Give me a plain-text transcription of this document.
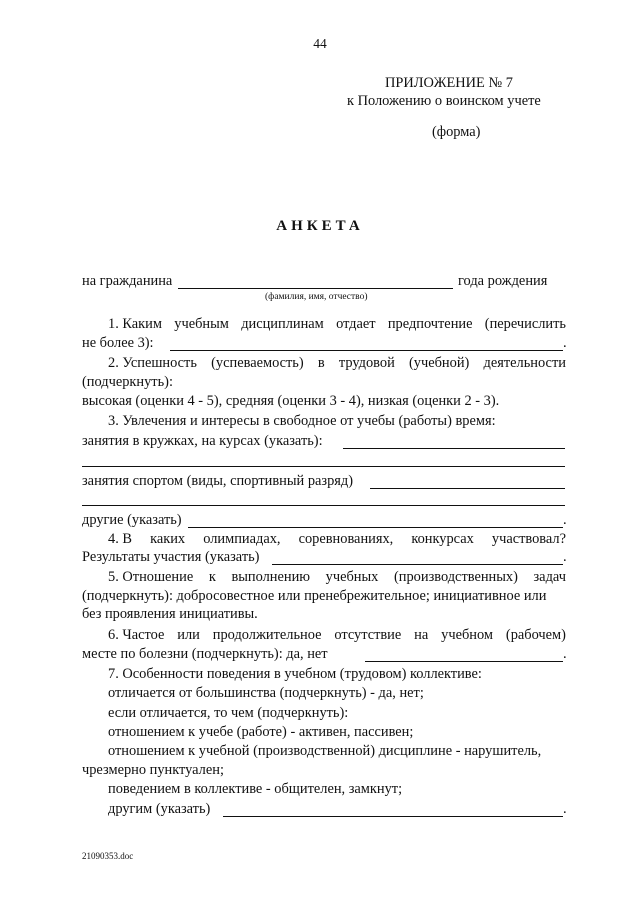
44
ПРИЛОЖЕНИЕ № 7
к Положению о воинском учете
(форма)
АНКЕТА
на гражданина	года рождения
(фамилия, имя, отчество)
1. Каким учебным дисциплинам отдает предпочтение (перечислить
не более 3):	.
2. Успешность (успеваемость) в трудовой (учебной) деятельности
(подчеркнуть):
высокая (оценки 4 - 5), средняя (оценки 3 - 4), низкая (оценки 2 - 3).
3. Увлечения и интересы в свободное от учебы (работы) время:
занятия в кружках, на курсах (указать):
занятия спортом (виды, спортивный разряд)
другие (указать)	.
4. В каких олимпиадах, соревнованиях, конкурсах участвовал?
Результаты участия (указать)	.
5. Отношение к выполнению учебных (производственных) задач
(подчеркнуть): добросовестное или пренебрежительное; инициативное или
без проявления инициативы.
6. Частое или продолжительное отсутствие на учебном (рабочем)
месте по болезни (подчеркнуть): да, нет	.
7. Особенности поведения в учебном (трудовом) коллективе:
отличается от большинства (подчеркнуть) - да, нет;
если отличается, то чем (подчеркнуть):
отношением к учебе (работе) - активен, пассивен;
отношением к учебной (производственной) дисциплине - нарушитель,
чрезмерно пунктуален;
поведением в коллективе - общителен, замкнут;
другим (указать)	.
21090353.doc
